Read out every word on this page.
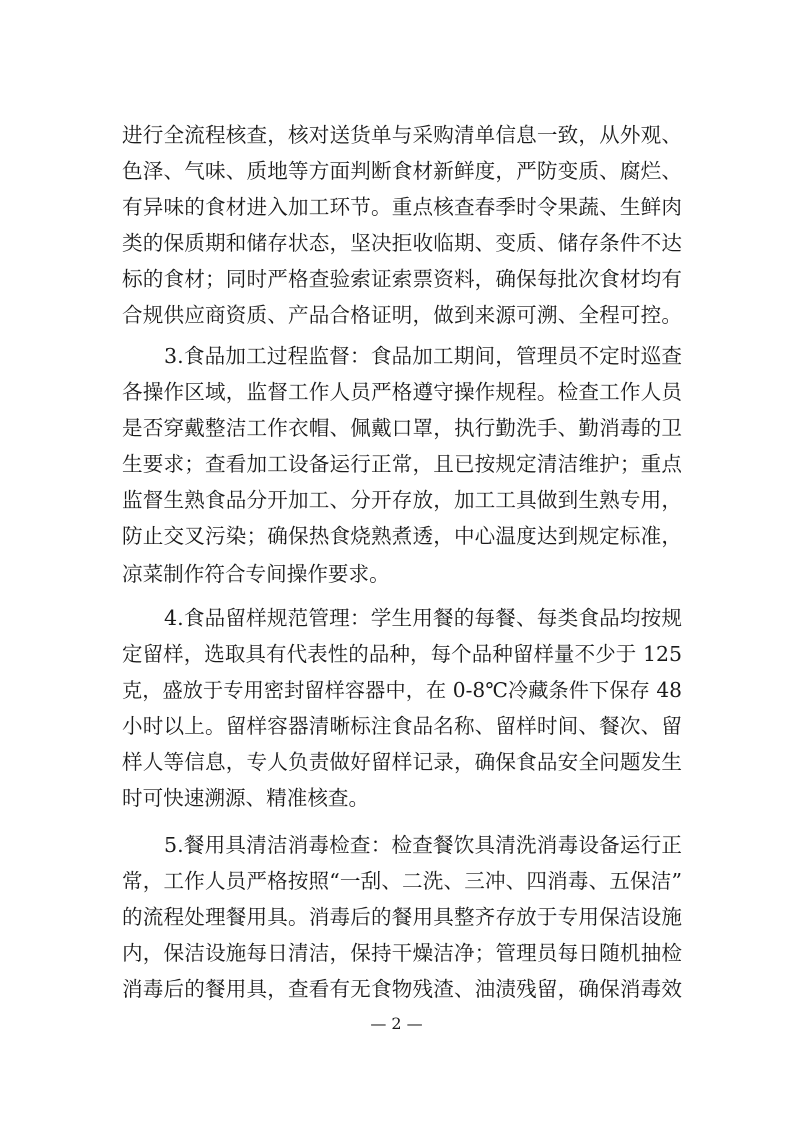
进行全流程核查，核对送货单与采购清单信息一致，从外观、
色泽、气味、质地等方面判断食材新鲜度，严防变质、腐烂、
有异味的食材进入加工环节。重点核查春季时令果蔬、生鲜肉
类的保质期和储存状态，坚决拒收临期、变质、储存条件不达
标的食材；同时严格查验索证索票资料，确保每批次食材均有
合规供应商资质、产品合格证明，做到来源可溯、全程可控。
3.食品加工过程监督：食品加工期间，管理员不定时巡查
各操作区域，监督工作人员严格遵守操作规程。检查工作人员
是否穿戴整洁工作衣帽、佩戴口罩，执行勤洗手、勤消毒的卫
生要求；查看加工设备运行正常，且已按规定清洁维护；重点
监督生熟食品分开加工、分开存放，加工工具做到生熟专用，
防止交叉污染；确保热食烧熟煮透，中心温度达到规定标准，
凉菜制作符合专间操作要求。
4.食品留样规范管理：学生用餐的每餐、每类食品均按规
定留样，选取具有代表性的品种，每个品种留样量不少于 125
克，盛放于专用密封留样容器中，在 0-8℃冷藏条件下保存 48
小时以上。留样容器清晰标注食品名称、留样时间、餐次、留
样人等信息，专人负责做好留样记录，确保食品安全问题发生
时可快速溯源、精准核查。
5.餐用具清洁消毒检查：检查餐饮具清洗消毒设备运行正
常，工作人员严格按照“一刮、二洗、三冲、四消毒、五保洁”
的流程处理餐用具。消毒后的餐用具整齐存放于专用保洁设施
内，保洁设施每日清洁，保持干燥洁净；管理员每日随机抽检
消毒后的餐用具，查看有无食物残渣、油渍残留，确保消毒效
— 2 —
